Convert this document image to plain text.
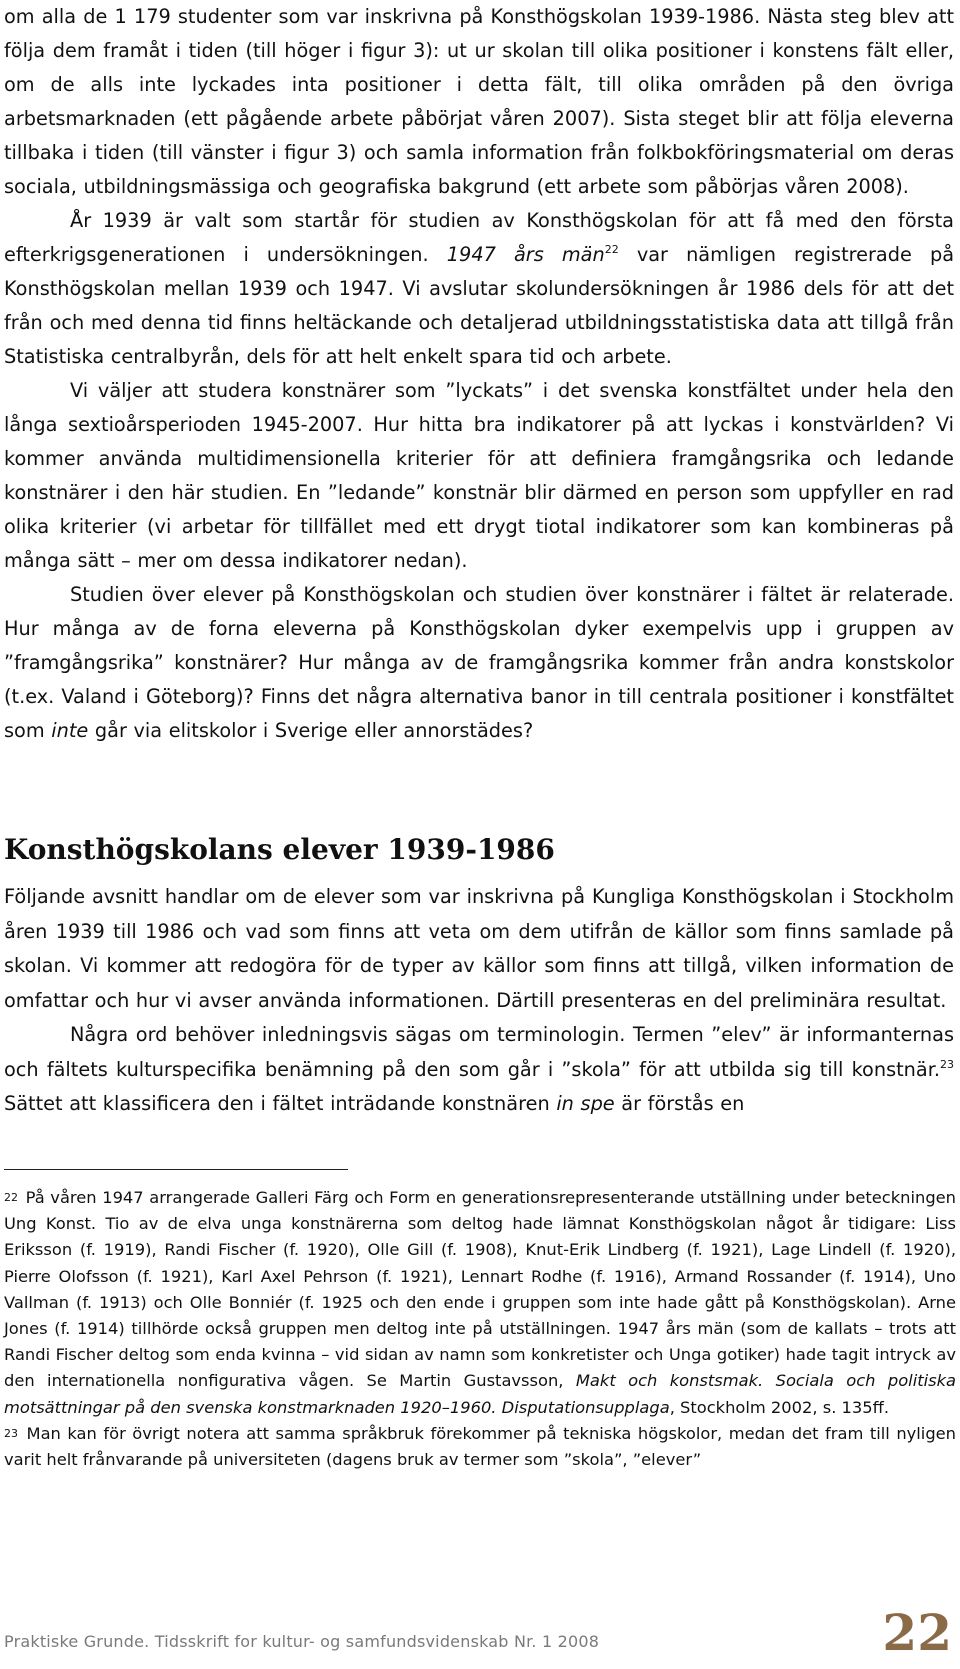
om alla de 1 179 studenter som var inskrivna på Konsthögskolan 1939-1986. Nästa steg blev att följa dem framåt i tiden (till höger i figur 3): ut ur skolan till olika positioner i konstens fält eller, om de alls inte lyckades inta positioner i detta fält, till olika områden på den övriga arbetsmarknaden (ett pågående arbete påbörjat våren 2007). Sista steget blir att följa eleverna tillbaka i tiden (till vänster i figur 3) och samla information från folkbokföringsmaterial om deras sociala, utbildningsmässiga och geografiska bakgrund (ett arbete som påbörjas våren 2008).

År 1939 är valt som startår för studien av Konsthögskolan för att få med den första efterkrigsgenerationen i undersökningen. 1947 års män$^{22}$ var nämligen registrerade på Konsthögskolan mellan 1939 och 1947. Vi avslutar skolundersökningen år 1986 dels för att det från och med denna tid finns heltäckande och detaljerad utbildningsstatistiska data att tillgå från Statistiska centralbyrån, dels för att helt enkelt spara tid och arbete.

Vi väljer att studera konstnärer som ”lyckats” i det svenska konstfältet under hela den långa sextioårsperioden 1945-2007. Hur hitta bra indikatorer på att lyckas i konstvärlden? Vi kommer använda multidimensionella kriterier för att definiera framgångsrika och ledande konstnärer i den här studien. En ”ledande” konstnär blir därmed en person som uppfyller en rad olika kriterier (vi arbetar för tillfället med ett drygt tiotal indikatorer som kan kombineras på många sätt – mer om dessa indikatorer nedan).

Studien över elever på Konsthögskolan och studien över konstnärer i fältet är relaterade. Hur många av de forna eleverna på Konsthögskolan dyker exempelvis upp i gruppen av ”framgångsrika” konstnärer? Hur många av de framgångsrika kommer från andra konstskolor (t.ex. Valand i Göteborg)? Finns det några alternativa banor in till centrala positioner i konstfältet som inte går via elitskolor i Sverige eller annorstädes?

Konsthögskolans elever 1939-1986

Följande avsnitt handlar om de elever som var inskrivna på Kungliga Konsthögskolan i Stockholm åren 1939 till 1986 och vad som finns att veta om dem utifrån de källor som finns samlade på skolan. Vi kommer att redogöra för de typer av källor som finns att tillgå, vilken information de omfattar och hur vi avser använda informationen. Därtill presenteras en del preliminära resultat.

Några ord behöver inledningsvis sägas om terminologin. Termen ”elev” är informanternas och fältets kulturspecifika benämning på den som går i ”skola” för att utbilda sig till konstnär.$^{23}$ Sättet att klassificera den i fältet inträdande konstnären in spe är förstås en

22 På våren 1947 arrangerade Galleri Färg och Form en generationsrepresenterande utställning under beteckningen Ung Konst. Tio av de elva unga konstnärerna som deltog hade lämnat Konsthögskolan något år tidigare: Liss Eriksson (f. 1919), Randi Fischer (f. 1920), Olle Gill (f. 1908), Knut-Erik Lindberg (f. 1921), Lage Lindell (f. 1920), Pierre Olofsson (f. 1921), Karl Axel Pehrson (f. 1921), Lennart Rodhe (f. 1916), Armand Rossander (f. 1914), Uno Vallman (f. 1913) och Olle Bonniér (f. 1925 och den ende i gruppen som inte hade gått på Konsthögskolan). Arne Jones (f. 1914) tillhörde också gruppen men deltog inte på utställningen. 1947 års män (som de kallats – trots att Randi Fischer deltog som enda kvinna – vid sidan av namn som konkretister och Unga gotiker) hade tagit intryck av den internationella nonfigurativa vågen. Se Martin Gustavsson, Makt och konstsmak. Sociala och politiska motsättningar på den svenska konstmarknaden 1920–1960. Disputationsupplaga, Stockholm 2002, s. 135ff.

23 Man kan för övrigt notera att samma språkbruk förekommer på tekniska högskolor, medan det fram till nyligen varit helt frånvarande på universiteten (dagens bruk av termer som ”skola”, ”elever”

Praktiske Grunde. Tidsskrift for kultur- og samfundsvidenskab Nr. 1 2008	22
